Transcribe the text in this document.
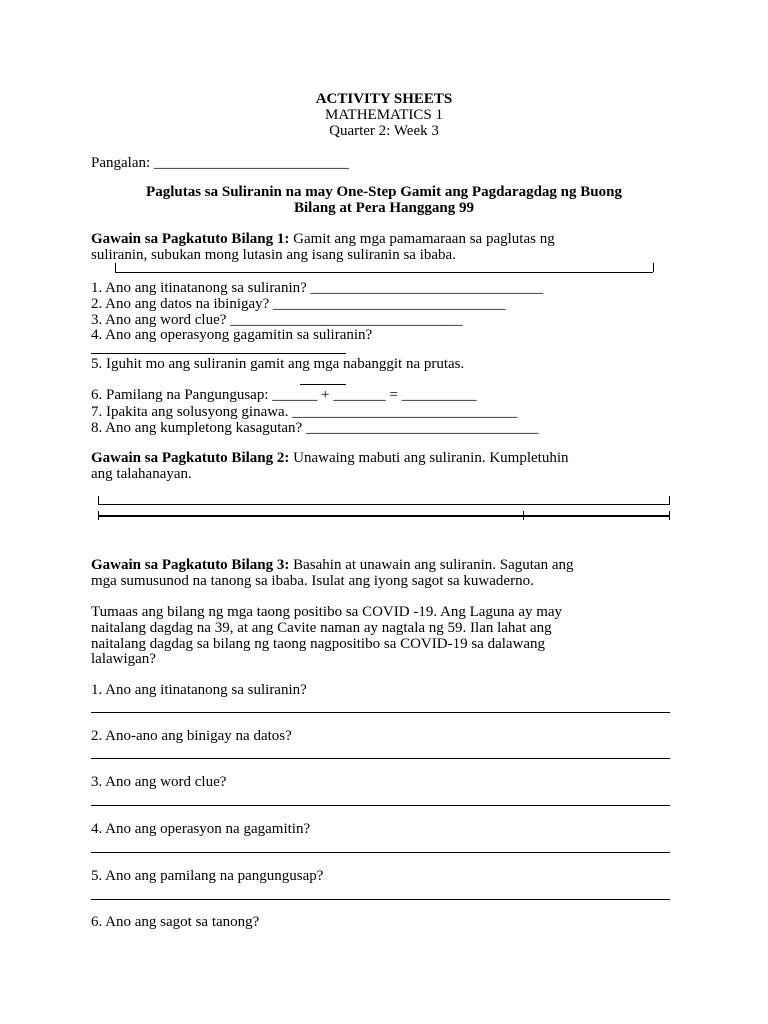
ACTIVITY SHEETS
MATHEMATICS 1
Quarter 2: Week 3
Pangalan: __________________________
Paglutas sa Suliranin na may One-Step Gamit ang Pagdaragdag ng Buong
Bilang at Pera Hanggang 99
Gawain sa Pagkatuto Bilang 1: Gamit ang mga pamamaraan sa paglutas ng
suliranin, subukan mong lutasin ang isang suliranin sa ibaba.
1. Ano ang itinatanong sa suliranin? _______________________________
2. Ano ang datos na ibinigay? _______________________________
3. Ano ang word clue? _______________________________
4. Ano ang operasyong gagamitin sa suliranin?
5. Iguhit mo ang suliranin gamit ang mga nabanggit na prutas.
6. Pamilang na Pangungusap: ______ + _______ = __________
7. Ipakita ang solusyong ginawa. ______________________________
8. Ano ang kumpletong kasagutan? _______________________________
Gawain sa Pagkatuto Bilang 2: Unawaing mabuti ang suliranin. Kumpletuhin
ang talahanayan.
Gawain sa Pagkatuto Bilang 3: Basahin at unawain ang suliranin. Sagutan ang
mga sumusunod na tanong sa ibaba. Isulat ang iyong sagot sa kuwaderno.
Tumaas ang bilang ng mga taong positibo sa COVID -19. Ang Laguna ay may
naitalang dagdag na 39, at ang Cavite naman ay nagtala ng 59. Ilan lahat ang
naitalang dagdag sa bilang ng taong nagpositibo sa COVID-19 sa dalawang
lalawigan?
1. Ano ang itinatanong sa suliranin?
2. Ano-ano ang binigay na datos?
3. Ano ang word clue?
4. Ano ang operasyon na gagamitin?
5. Ano ang pamilang na pangungusap?
6. Ano ang sagot sa tanong?
